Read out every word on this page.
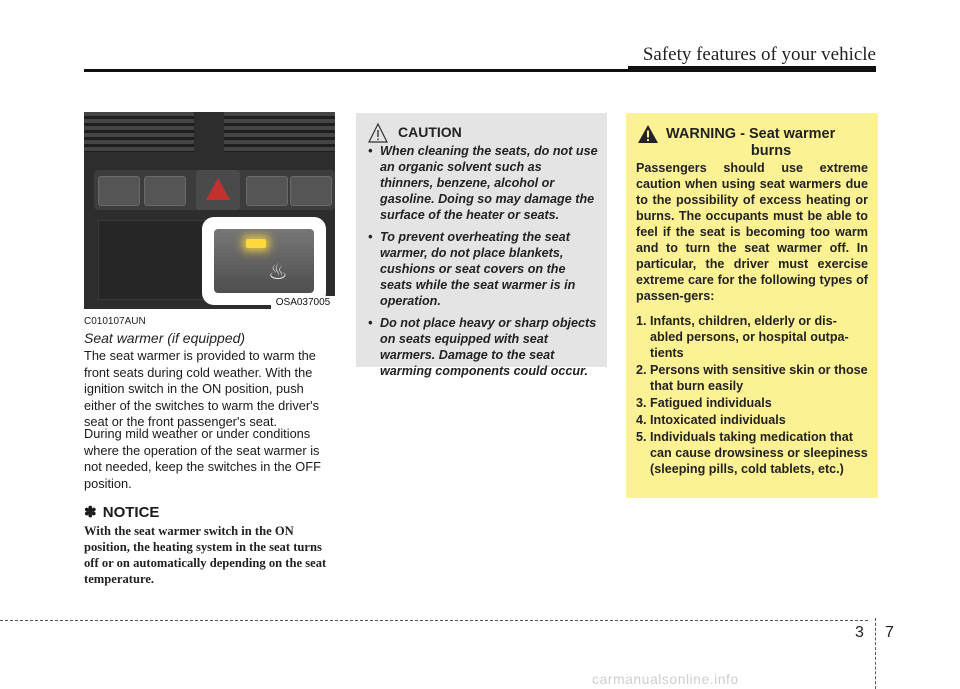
Safety features of your vehicle
♨
OSA037005
C010107AUN
Seat warmer (if equipped)

The seat warmer is provided to warm the front seats during cold weather. With the ignition switch in the ON position, push either of the switches to warm the driver's seat or the front passenger's seat.

During mild weather or under conditions where the operation of the seat warmer is not needed, keep the switches in the OFF position.

✽ NOTICE

With the seat warmer switch in the ON position, the heating system in the seat turns off or on automatically depending on the seat temperature.

CAUTION
• When cleaning the seats, do not use an organic solvent such as thinners, benzene, alcohol or gasoline. Doing so may damage the surface of the heater or seats.
• To prevent overheating the seat warmer, do not place blankets, cushions or seat covers on the seats while the seat warmer is in operation.
• Do not place heavy or sharp objects on seats equipped with seat warmers. Damage to the seat warming components could occur.
WARNING - Seat warmer
burns

Passengers should use extreme caution when using seat warmers due to the possibility of excess heating or burns. The occupants must be able to feel if the seat is becoming too warm and to turn the seat warmer off. In particular, the driver must exercise extreme care for the following types of passen-gers:

1. Infants, children, elderly or dis-abled persons, or hospital outpa-tients
2. Persons with sensitive skin or those that burn easily
3. Fatigued individuals
4. Intoxicated individuals
5. Individuals taking medication that can cause drowsiness or sleepiness (sleeping pills, cold tablets, etc.)
3 7
carmanualsonline.info
